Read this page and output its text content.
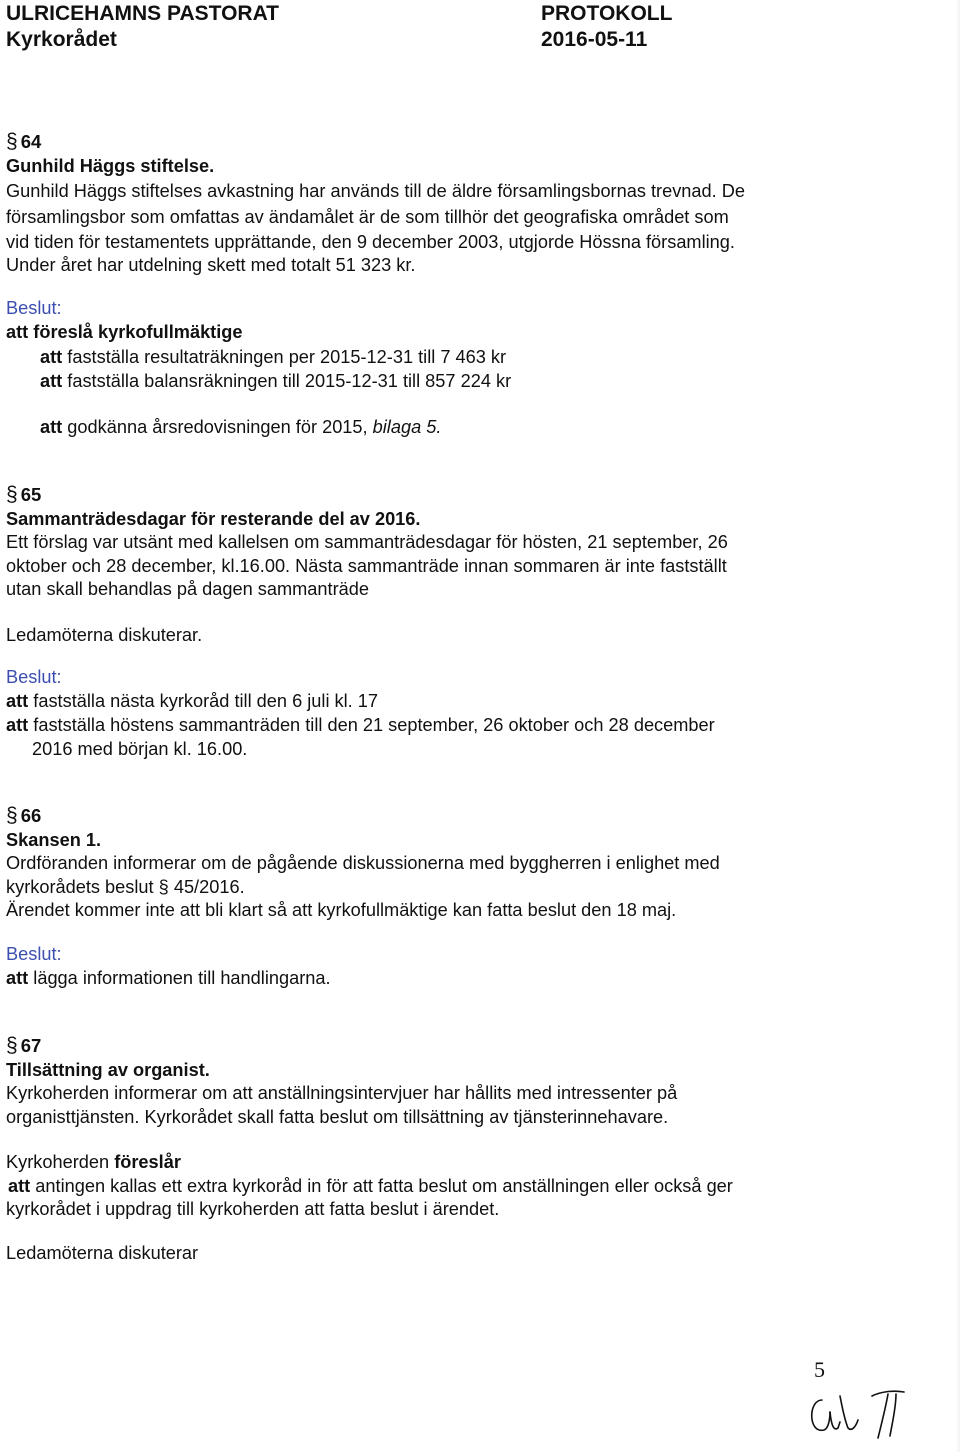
ULRICEHAMNS PASTORAT
Kyrkorådet
PROTOKOLL
2016-05-11
§ 64
Gunhild Häggs stiftelse.
Gunhild Häggs stiftelses avkastning har används till de äldre församlingsbornas trevnad. De
församlingsbor som omfattas av ändamålet är de som tillhör det geografiska området som
vid tiden för testamentets upprättande, den 9 december 2003, utgjorde Hössna församling.
Under året har utdelning skett med totalt 51 323 kr.
Beslut:
att föreslå kyrkofullmäktige
att fastställa resultaträkningen per 2015-12-31 till 7 463 kr
att fastställa balansräkningen till 2015-12-31 till 857 224 kr
att godkänna årsredovisningen för 2015, bilaga 5.
§ 65
Sammanträdesdagar för resterande del av 2016.
Ett förslag var utsänt med kallelsen om sammanträdesdagar för hösten, 21 september, 26
oktober och 28 december, kl.16.00. Nästa sammanträde innan sommaren är inte fastställt
utan skall behandlas på dagen sammanträde
Ledamöterna diskuterar.
Beslut:
att fastställa nästa kyrkoråd till den 6 juli kl. 17
att fastställa höstens sammanträden till den 21 september, 26 oktober och 28 december
2016 med början kl. 16.00.
§ 66
Skansen 1.
Ordföranden informerar om de pågående diskussionerna med byggherren i enlighet med
kyrkorådets beslut § 45/2016.
Ärendet kommer inte att bli klart så att kyrkofullmäktige kan fatta beslut den 18 maj.
Beslut:
att lägga informationen till handlingarna.
§ 67
Tillsättning av organist.
Kyrkoherden informerar om att anställningsintervjuer har hållits med intressenter på
organisttjänsten. Kyrkorådet skall fatta beslut om tillsättning av tjänsterinnehavare.
Kyrkoherden föreslår
att antingen kallas ett extra kyrkoråd in för att fatta beslut om anställningen eller också ger
kyrkorådet i uppdrag till kyrkoherden att fatta beslut i ärendet.
Ledamöterna diskuterar
5
